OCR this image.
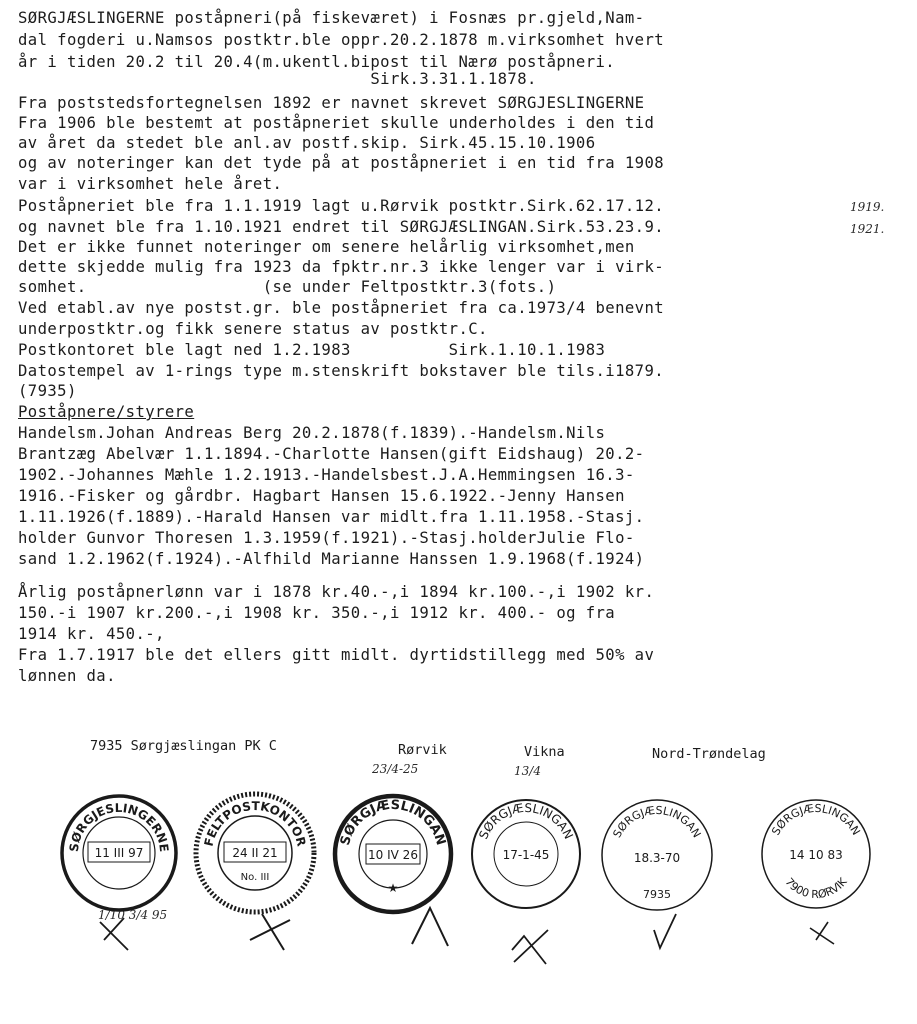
SØRGJÆSLINGERNE poståpneri(på fiskeværet) i Fosnæs pr.gjeld,Nam-
dal fogderi u.Namsos postktr.ble oppr.20.2.1878 m.virksomhet hvert
år i tiden 20.2 til 20.4(m.ukentl.bipost til Nærø poståpneri.
Sirk.3.31.1.1878.
Fra poststedsfortegnelsen 1892 er navnet skrevet SØRGJESLINGERNE
Fra 1906 ble bestemt at poståpneriet skulle underholdes i den tid
av året da stedet ble anl.av postf.skip. Sirk.45.15.10.1906
og av noteringer kan det tyde på at poståpneriet i en tid fra 1908
var i virksomhet hele året.
Poståpneriet ble fra 1.1.1919 lagt u.Rørvik postktr.Sirk.62.17.12.
og navnet ble fra 1.10.1921 endret til SØRGJÆSLINGAN.Sirk.53.23.9.
Det er ikke funnet noteringer om senere helårlig virksomhet,men
dette skjedde mulig fra 1923 da fpktr.nr.3 ikke lenger var i virk-
somhet.                  (se under Feltpostktr.3(fots.)
Ved etabl.av nye postst.gr. ble poståpneriet fra ca.1973/4 benevnt
underpostktr.og fikk senere status av postktr.C.
Postkontoret ble lagt ned 1.2.1983          Sirk.1.10.1.1983
Datostempel av 1-rings type m.stenskrift bokstaver ble tils.i1879.
(7935)
Poståpnere/styrere
Handelsm.Johan Andreas Berg 20.2.1878(f.1839).-Handelsm.Nils
Brantzæg Abelvær 1.1.1894.-Charlotte Hansen(gift Eidshaug) 20.2-
1902.-Johannes Mæhle 1.2.1913.-Handelsbest.J.A.Hemmingsen 16.3-
1916.-Fisker og gårdbr. Hagbart Hansen 15.6.1922.-Jenny Hansen
1.11.1926(f.1889).-Harald Hansen var midlt.fra 1.11.1958.-Stasj.
holder Gunvor Thoresen 1.3.1959(f.1921).-Stasj.holderJulie Flo-
sand 1.2.1962(f.1924).-Alfhild Marianne Hanssen 1.9.1968(f.1924)
Årlig poståpnerlønn var i 1878 kr.40.-,i 1894 kr.100.-,i 1902 kr.
150.-i 1907 kr.200.-,i 1908 kr. 350.-,i 1912 kr. 400.- og fra
1914 kr. 450.-,
Fra 1.7.1917 ble det ellers gitt midlt. dyrtidstillegg med 50% av
lønnen da.
1919.
1921.
7935 Sørgjæslingan PK C	Rørvik	Vikna	Nord-Trøndelag
23/4-25	13/4
1/10 3/4 95
SØRGJESLINGERNE
11 III 97
FELTPOSTKONTOR
24 II 21
No. III
SØRGJÆSLINGAN
10 IV 26
★
SØRGJÆSLINGAN
17-1-45
SØRGJÆSLINGAN
18.3-70
7935
SØRGJÆSLINGAN
14 10 83
7900 RØRVIK
